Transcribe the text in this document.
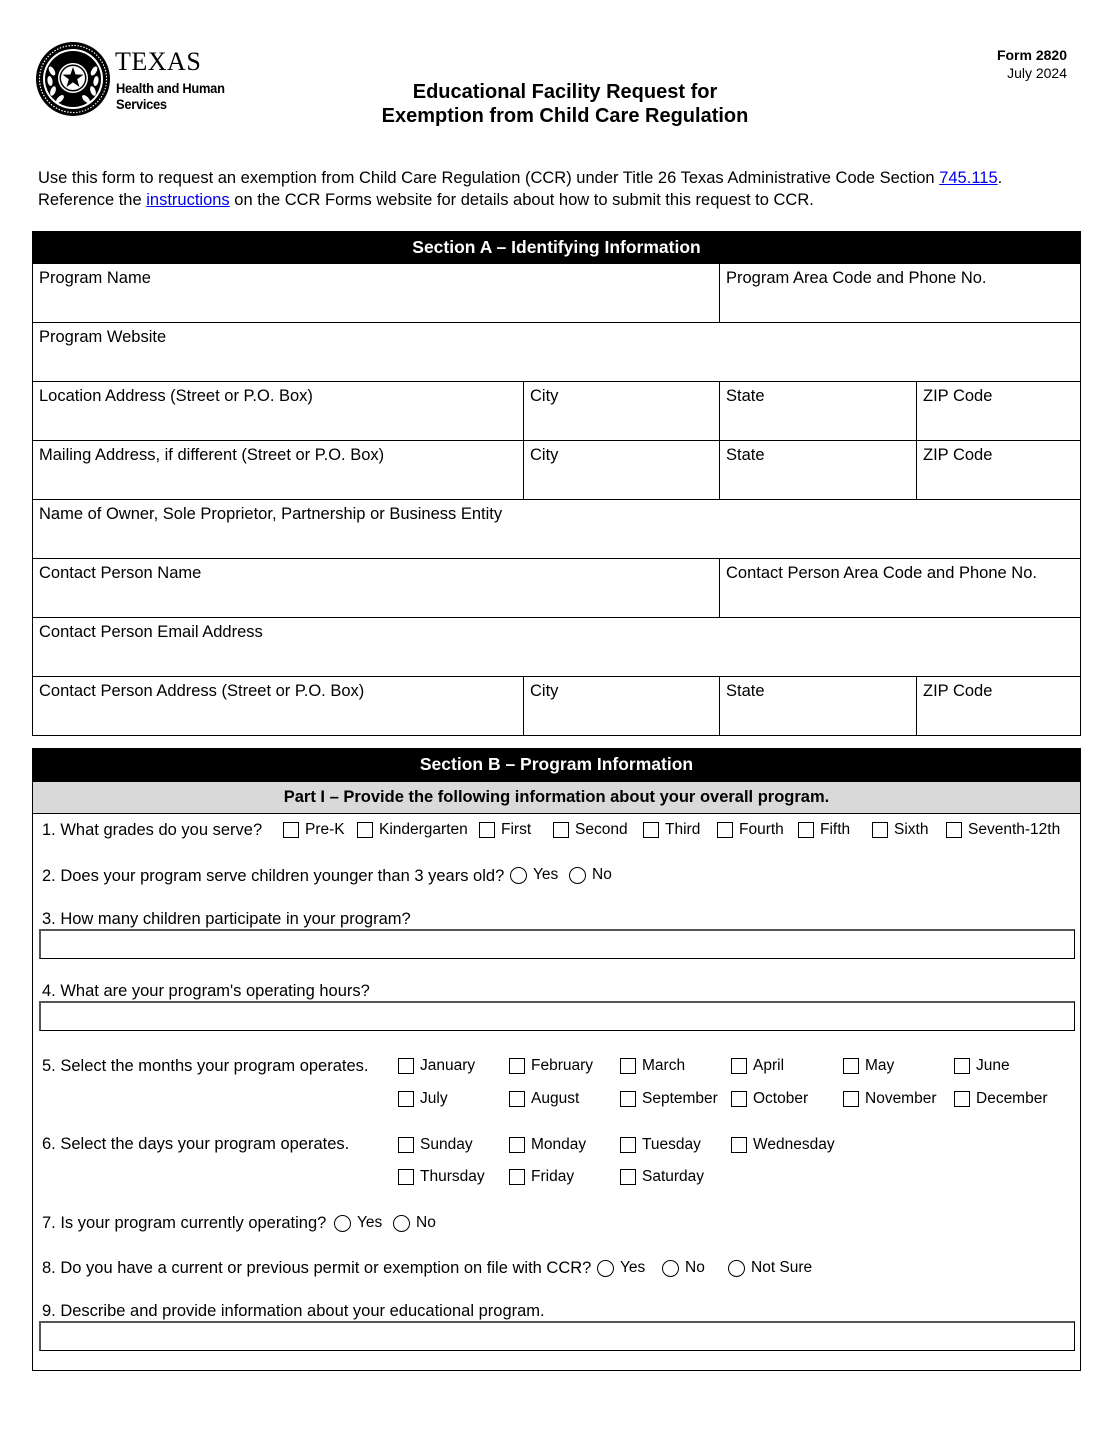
TEXAS
Health and Human
Services
Form 2820
July 2024
Educational Facility Request for
Exemption from Child Care Regulation
Use this form to request an exemption from Child Care Regulation (CCR) under Title 26 Texas Administrative Code Section 745.115.
Reference the instructions on the CCR Forms website for details about how to submit this request to CCR.
Section A – Identifying Information
Program Name	Program Area Code and Phone No.
Program Website
Location Address (Street or P.O. Box)	City	State	ZIP Code
Mailing Address, if different (Street or P.O. Box)	City	State	ZIP Code
Name of Owner, Sole Proprietor, Partnership or Business Entity
Contact Person Name	Contact Person Area Code and Phone No.
Contact Person Email Address
Contact Person Address (Street or P.O. Box)	City	State	ZIP Code
Section B – Program Information
Part I – Provide the following information about your overall program.
1. What grades do you serve?	Pre-K Kindergarten First	Second Third Fourth Fifth	Sixth	Seventh-12th
2. Does your program serve children younger than 3 years old? Yes No
3. How many children participate in your program?
4. What are your program's operating hours?
5. Select the months your program operates.	January	February	March	April	May	June
July	August	September October	November	December
6. Select the days your program operates.	Sunday	Monday	Tuesday	Wednesday
Thursday	Friday	Saturday
7. Is your program currently operating? Yes No
8. Do you have a current or previous permit or exemption on file with CCR? Yes	No	Not Sure
9. Describe and provide information about your educational program.
